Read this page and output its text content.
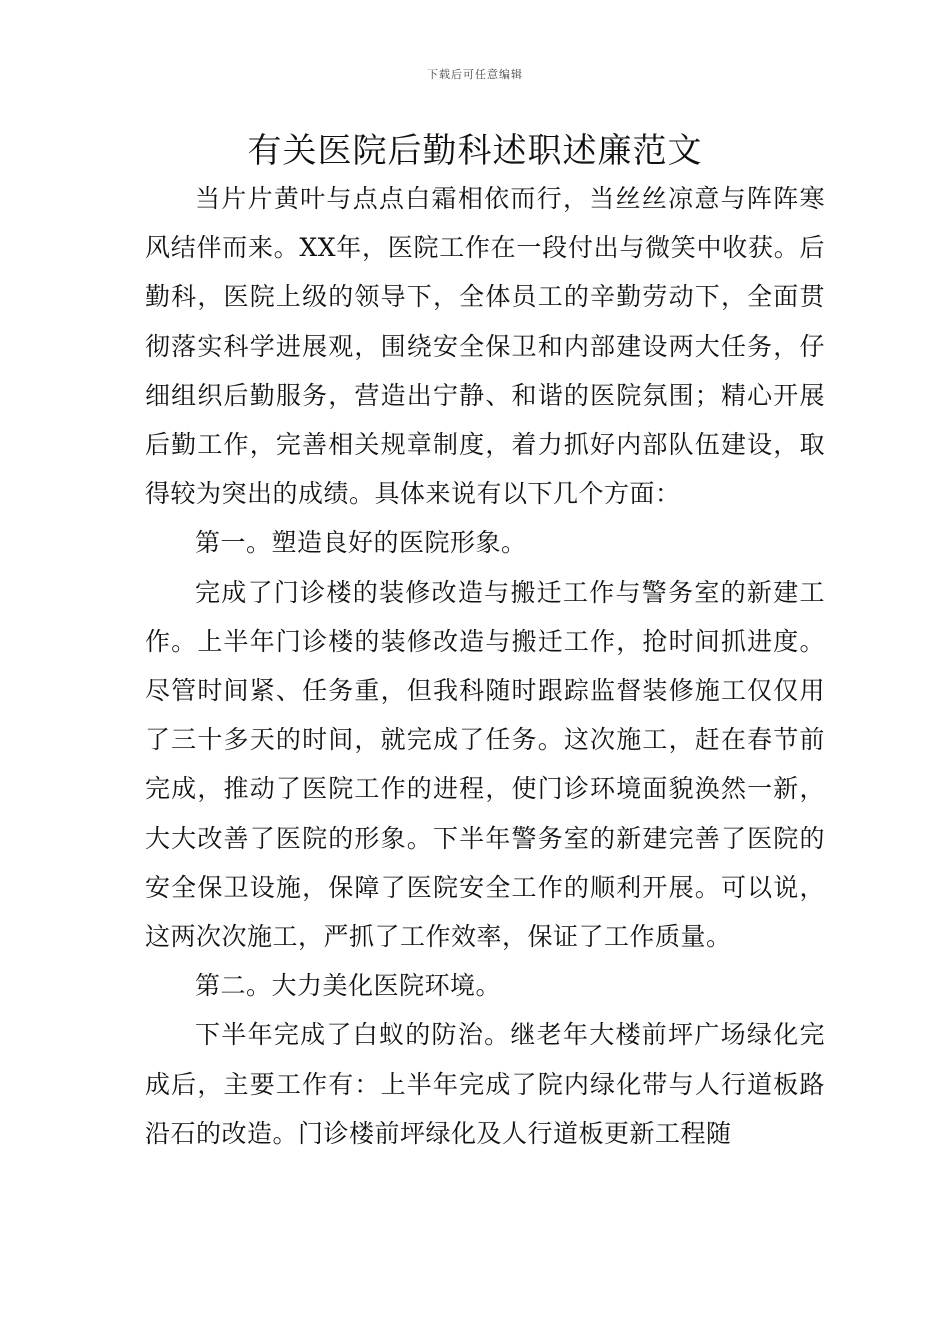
下载后可任意编辑
有关医院后勤科述职述廉范文

当片片黄叶与点点白霜相依而行，当丝丝凉意与阵阵寒风结伴而来。XX年，医院工作在一段付出与微笑中收获。后勤科，医院上级的领导下，全体员工的辛勤劳动下，全面贯彻落实科学进展观，围绕安全保卫和内部建设两大任务，仔细组织后勤服务，营造出宁静、和谐的医院氛围；精心开展后勤工作，完善相关规章制度，着力抓好内部队伍建设，取得较为突出的成绩。具体来说有以下几个方面：

第一。塑造良好的医院形象。

完成了门诊楼的装修改造与搬迁工作与警务室的新建工作。上半年门诊楼的装修改造与搬迁工作，抢时间抓进度。尽管时间紧、任务重，但我科随时跟踪监督装修施工仅仅用了三十多天的时间，就完成了任务。这次施工，赶在春节前完成，推动了医院工作的进程，使门诊环境面貌涣然一新，大大改善了医院的形象。下半年警务室的新建完善了医院的安全保卫设施，保障了医院安全工作的顺利开展。可以说，这两次次施工，严抓了工作效率，保证了工作质量。

第二。大力美化医院环境。

下半年完成了白蚁的防治。继老年大楼前坪广场绿化完成后，主要工作有：上半年完成了院内绿化带与人行道板路沿石的改造。门诊楼前坪绿化及人行道板更新工程随
